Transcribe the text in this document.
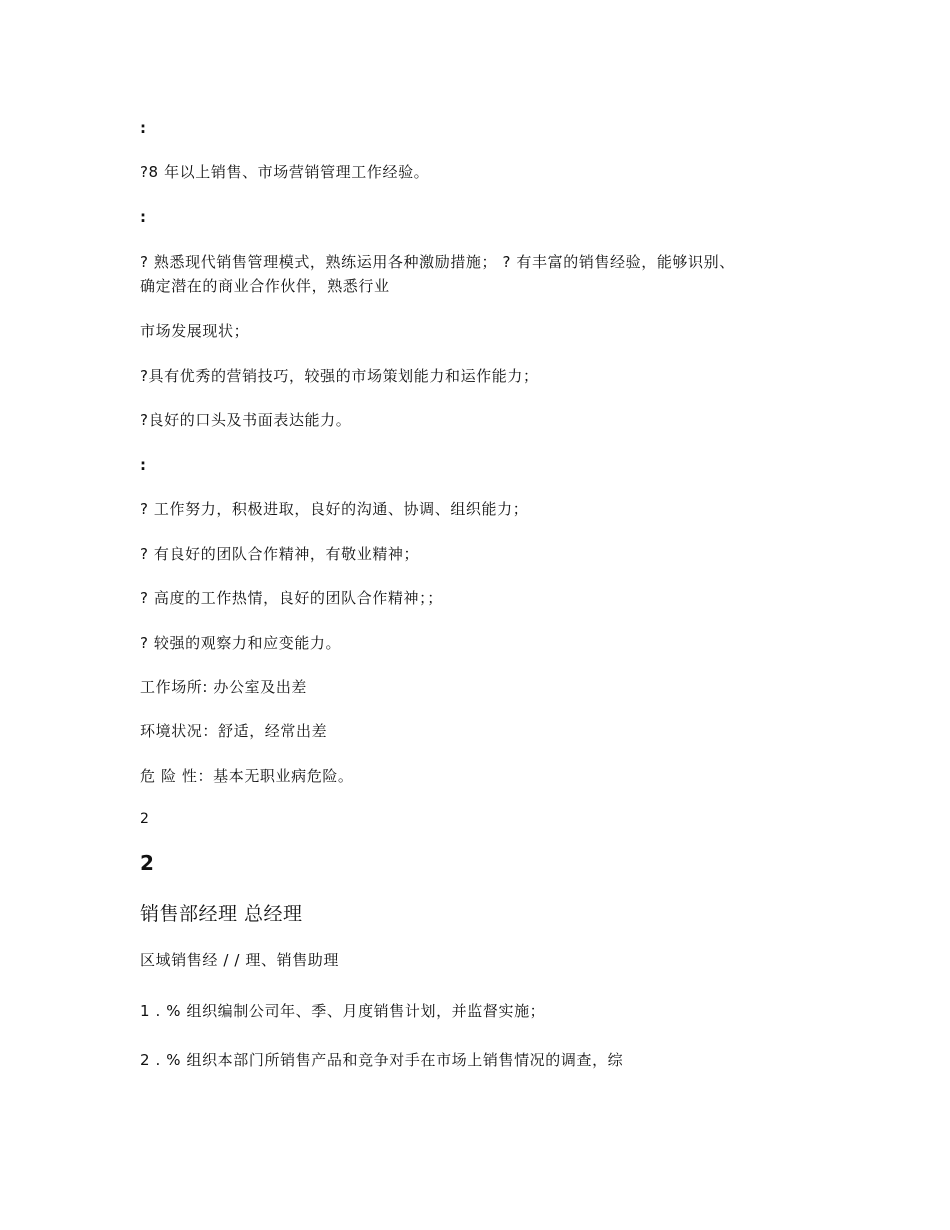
:
?8 年以上销售、市场营销管理工作经验。
:
? 熟悉现代销售管理模式，熟练运用各种激励措施； ? 有丰富的销售经验，能够识别、
确定潜在的商业合作伙伴，熟悉行业
市场发展现状；
?具有优秀的营销技巧，较强的市场策划能力和运作能力；
?良好的口头及书面表达能力。
:
? 工作努力，积极进取，良好的沟通、协调、组织能力；
? 有良好的团队合作精神，有敬业精神；
? 高度的工作热情，良好的团队合作精神；；
? 较强的观察力和应变能力。
工作场所: 办公室及出差
环境状况：舒适，经常出差
危 险 性：基本无职业病危险。
2
2
销售部经理 总经理
区域销售经 / / 理、销售助理
1 . % 组织编制公司年、季、月度销售计划，并监督实施；
2 . % 组织本部门所销售产品和竞争对手在市场上销售情况的调查，综
